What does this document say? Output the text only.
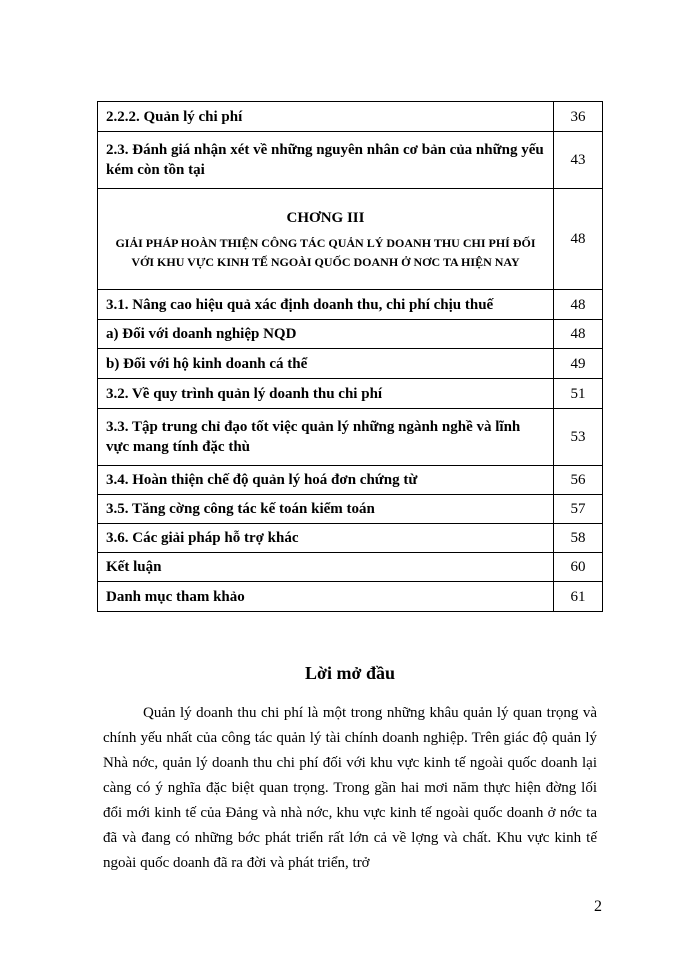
2.2.2. Quản lý chi phí	36
2.3. Đánh giá nhận xét về những nguyên nhân cơ bản của những yếu kém còn tồn tại	43

CHƠNG III
GIẢI PHÁP HOÀN THIỆN CÔNG TÁC QUẢN LÝ DOANH THU CHI PHÍ ĐỐI VỚI KHU VỰC KINH TẾ NGOÀI QUỐC DOANH Ở NƠC TA HIỆN NAY	48
3.1. Nâng cao hiệu quả xác định doanh thu, chi phí chịu thuế	48
a) Đối với doanh nghiệp NQD	48
b) Đối với hộ kinh doanh cá thể	49
3.2. Về quy trình quản lý doanh thu chi phí	51
3.3. Tập trung chỉ đạo tốt việc quản lý những ngành nghề và lĩnh vực mang tính đặc thù	53
3.4. Hoàn thiện chế độ quản lý hoá đơn chứng từ	56
3.5. Tăng cờng công tác kế toán kiểm toán	57
3.6. Các giải pháp hỗ trợ khác	58
Kết luận	60
Danh mục tham khảo	61
Lời mở đầu

Quản lý doanh thu chi phí là một trong những khâu quản lý quan trọng và chính yếu nhất của công tác quản lý tài chính doanh nghiệp. Trên giác độ quản lý Nhà nớc, quản lý doanh thu chi phí đối với khu vực kinh tế ngoài quốc doanh lại càng có ý nghĩa đặc biệt quan trọng. Trong gần hai mơi năm thực hiện đờng lối đổi mới kinh tế của Đảng và nhà nớc, khu vực kinh tế ngoài quốc doanh ở nớc ta đã và đang có những bớc phát triển rất lớn cả về lợng và chất. Khu vực kinh tế ngoài quốc doanh đã ra đời và phát triển, trở

2
